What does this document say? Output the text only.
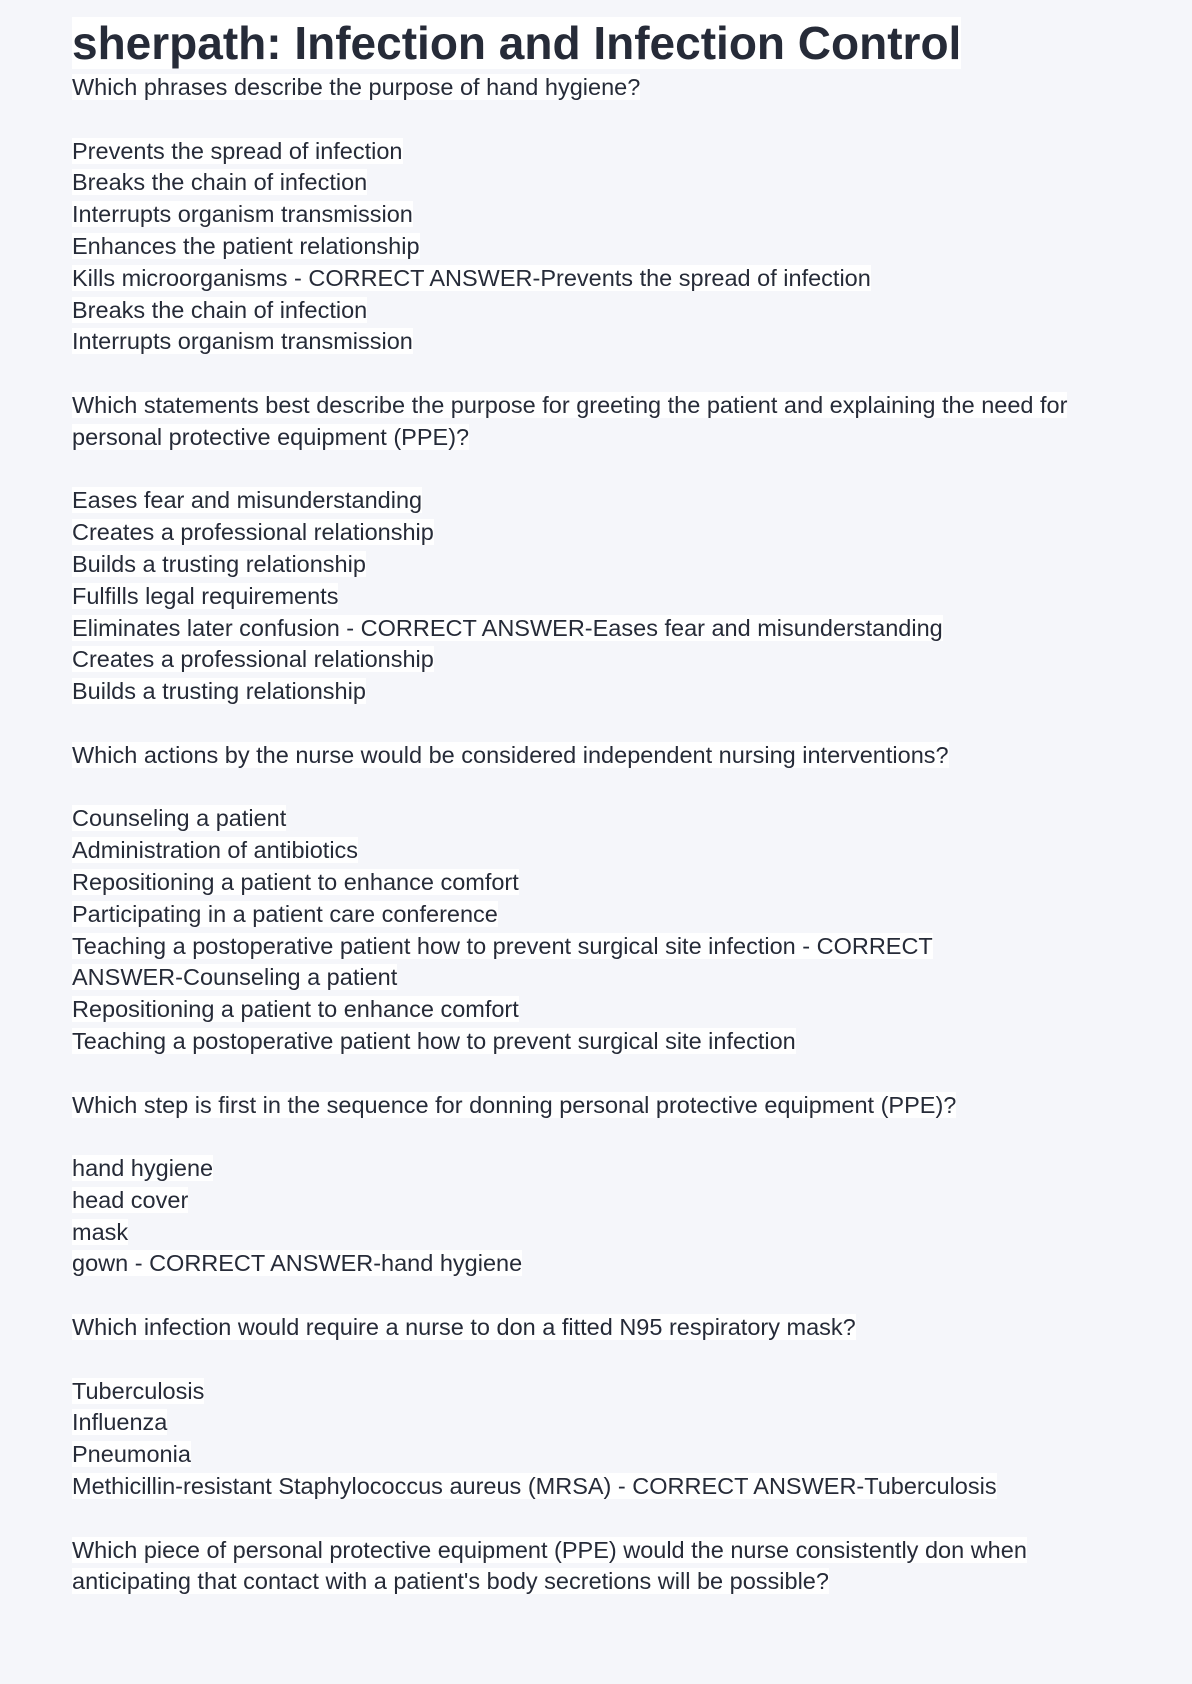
sherpath: Infection and Infection Control
Which phrases describe the purpose of hand hygiene?
Prevents the spread of infection
Breaks the chain of infection
Interrupts organism transmission
Enhances the patient relationship
Kills microorganisms - CORRECT ANSWER-Prevents the spread of infection
Breaks the chain of infection
Interrupts organism transmission
Which statements best describe the purpose for greeting the patient and explaining the need for
personal protective equipment (PPE)?
Eases fear and misunderstanding
Creates a professional relationship
Builds a trusting relationship
Fulfills legal requirements
Eliminates later confusion - CORRECT ANSWER-Eases fear and misunderstanding
Creates a professional relationship
Builds a trusting relationship
Which actions by the nurse would be considered independent nursing interventions?
Counseling a patient
Administration of antibiotics
Repositioning a patient to enhance comfort
Participating in a patient care conference
Teaching a postoperative patient how to prevent surgical site infection - CORRECT
ANSWER-Counseling a patient
Repositioning a patient to enhance comfort
Teaching a postoperative patient how to prevent surgical site infection
Which step is first in the sequence for donning personal protective equipment (PPE)?
hand hygiene
head cover
mask
gown - CORRECT ANSWER-hand hygiene
Which infection would require a nurse to don a fitted N95 respiratory mask?
Tuberculosis
Influenza
Pneumonia
Methicillin-resistant Staphylococcus aureus (MRSA) - CORRECT ANSWER-Tuberculosis
Which piece of personal protective equipment (PPE) would the nurse consistently don when
anticipating that contact with a patient's body secretions will be possible?
